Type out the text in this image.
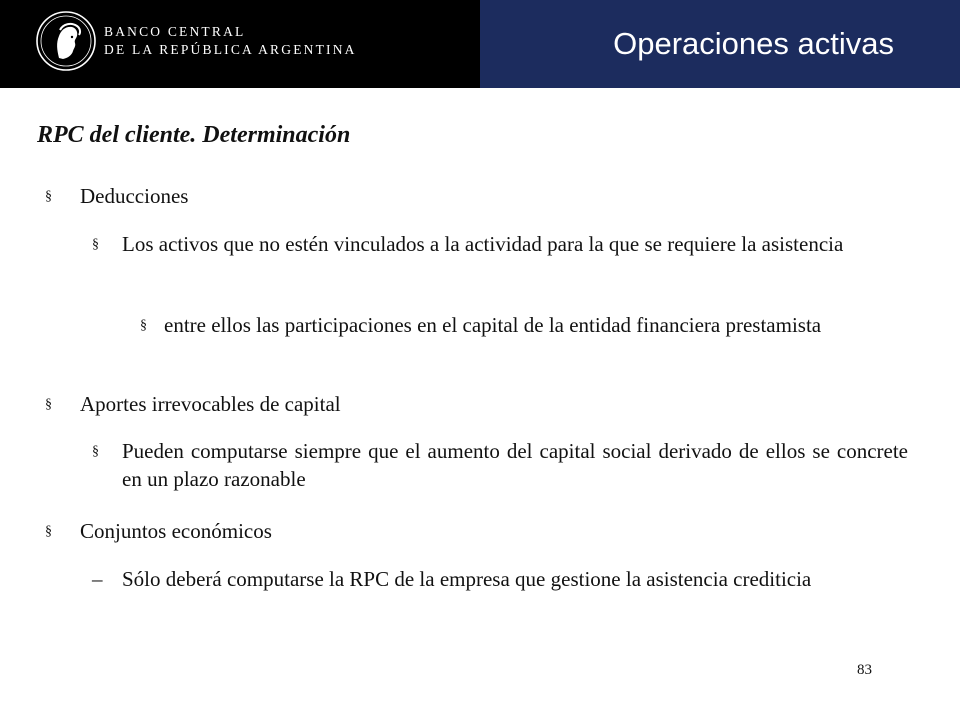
BANCO CENTRAL
DE LA REPÚBLICA ARGENTINA	Operaciones activas
RPC del cliente. Determinación
§ Deducciones
§ Los activos que no estén vinculados a la actividad para la que se requiere la asistencia
§ entre ellos las participaciones en el capital de la entidad financiera prestamista
§ Aportes irrevocables de capital
§ Pueden computarse siempre que el aumento del capital social derivado de ellos se concrete en un plazo razonable
§ Conjuntos económicos
– Sólo deberá computarse la RPC de la empresa que gestione la asistencia crediticia
83
